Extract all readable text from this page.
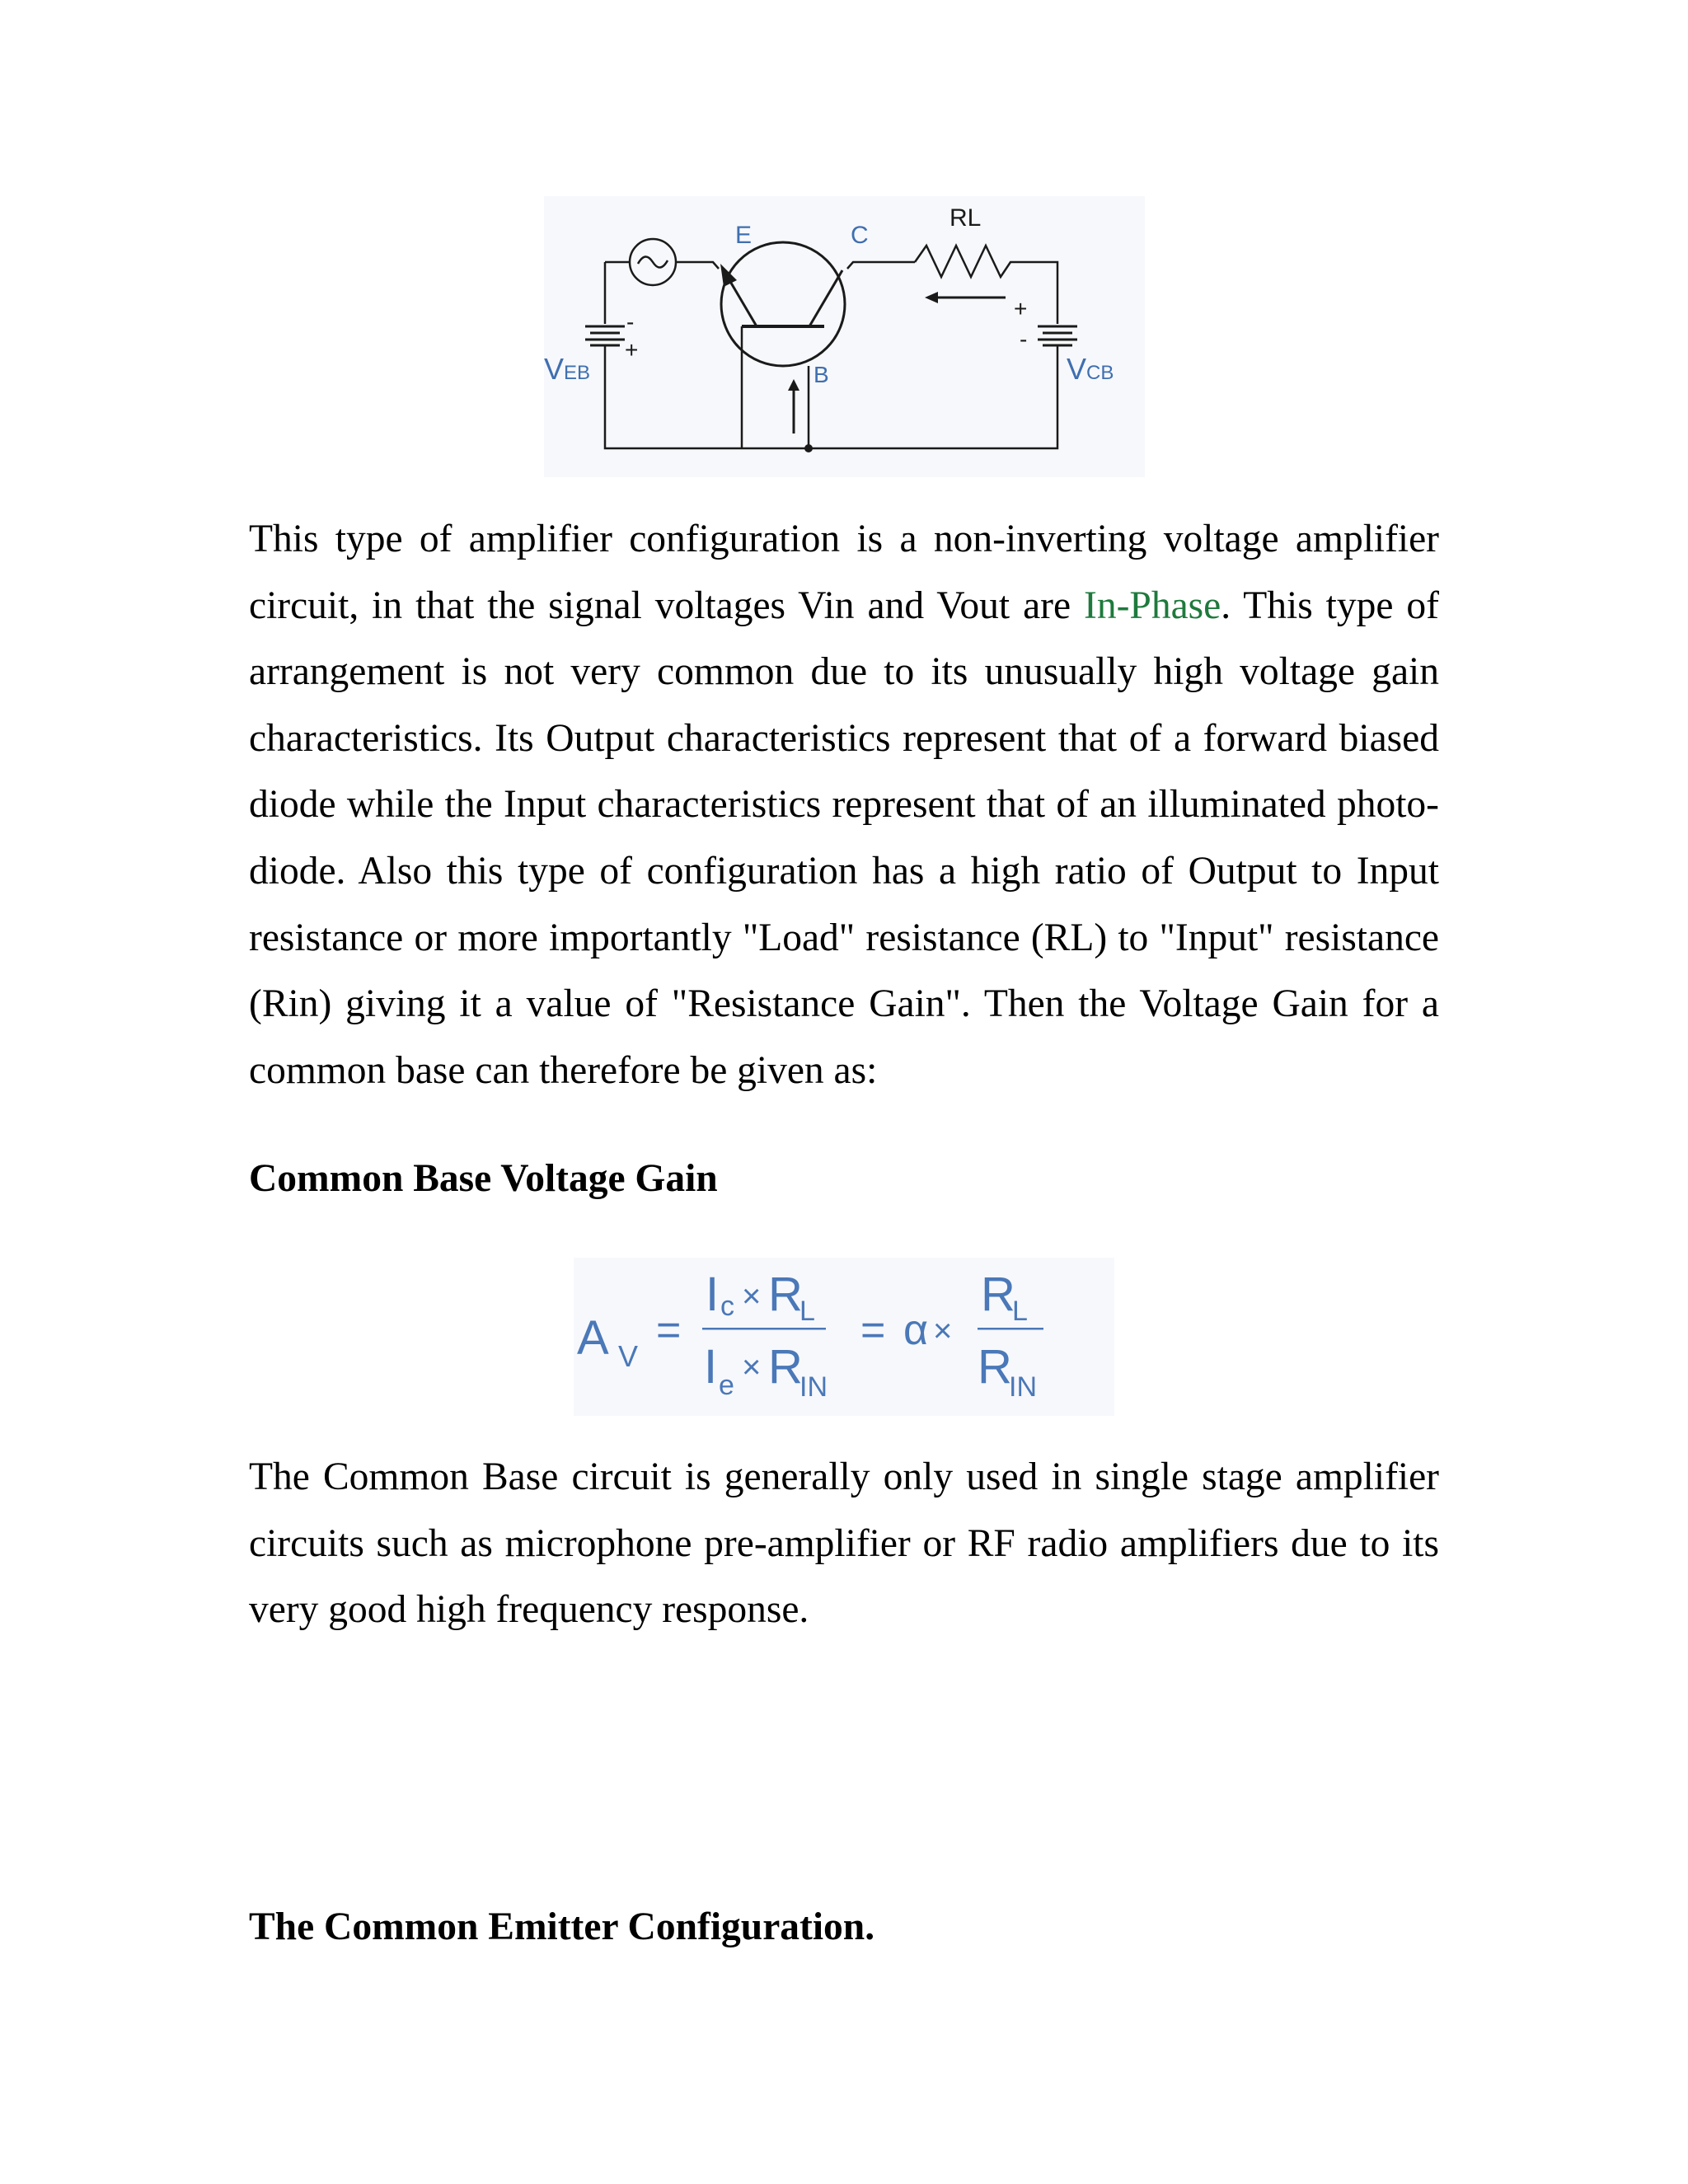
E	C
RL
B
-
+
+
-
VEB	VCB

This type of amplifier configuration is a non-inverting voltage amplifier circuit, in that the signal voltages Vin and Vout are In-Phase. This type of arrangement is not very common due to its unusually high voltage gain characteristics. Its Output characteristics represent that of a forward biased diode while the Input characteristics represent that of an illuminated photo-diode. Also this type of configuration has a high ratio of Output to Input resistance or more importantly "Load" resistance (RL) to "Input" resistance (Rin) giving it a value of "Resistance Gain". Then the Voltage Gain for a common base can therefore be given as:

Common Base Voltage Gain
A V
=
I c × R
L
I e × R
IN
= α ×
R
L
R
IN

The Common Base circuit is generally only used in single stage amplifier circuits such as microphone pre-amplifier or RF radio amplifiers due to its very good high frequency response.

The Common Emitter Configuration.
